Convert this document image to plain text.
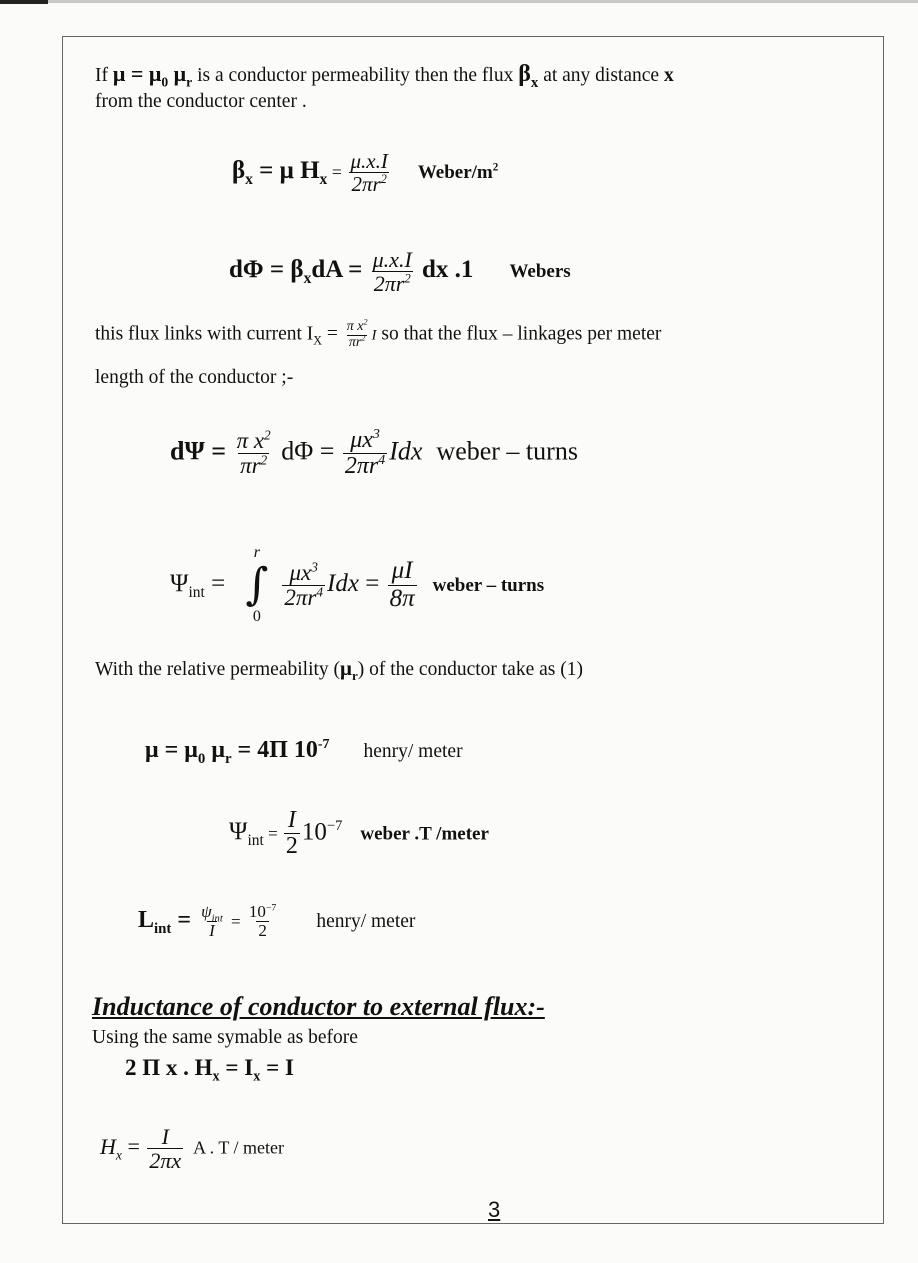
If $\mu = \mu_0$ $\mu_r$ is a conductor permeability then the flux $\beta_x$ at any distance x
from the conductor center .
$\beta_x = \mu$ $H_x = \frac{\mu.x.I}{2\pi r^2}$ Weber/$m^2$
$d\Phi = \beta_xdA = \frac{\mu.x.I}{2\pi r^2}$ dx .1 Webers
this flux links with current $I_X = \frac{\pi x^2}{\pi r^2}$ I so that the flux – linkages per meter
length of the conductor ;-
$d\Psi = \frac{\pi x^2}{\pi r^2}$ $d\Phi = \frac{\mu x^3}{2\pi r^4}$ Idx weber – turns
$\Psi_{int}$ =
r
∫
0
$\frac{\mu x^3}{2\pi r^4}$ Idx = $\frac{\mu I}{8\pi}$ weber – turns
With the relative permeability $(\mu_r)$ of the conductor take as (1)
$\mu = \mu_0$ $\mu_r = 4\Pi$ $10^{-7}$ henry/ meter
$\Psi_{int} = \frac{I}{2} 10^{-7}$ weber .T /meter
$L_{int} = \frac{\psi_{int}}{I} = \frac{10^{-7}}{2}$ henry/ meter
Inductance of conductor to external flux:-
Using the same symable as before
2 Π x . $H_x = I_x = I$
$H_x = \frac{I}{2\pi x}$ A . T / meter
3
